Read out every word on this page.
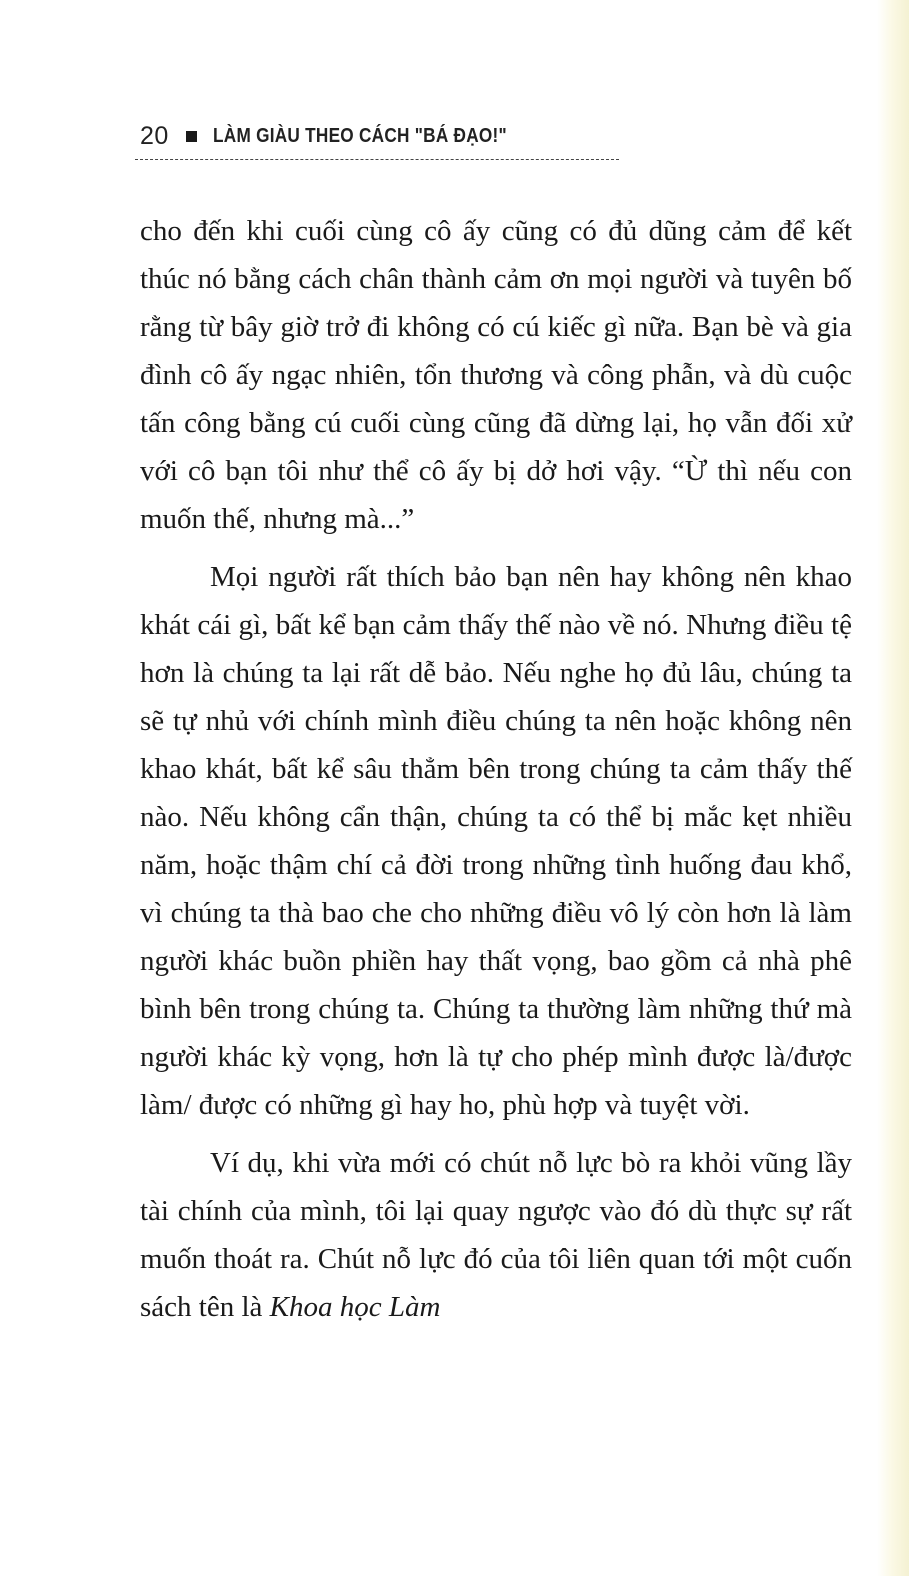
20 LÀM GIÀU THEO CÁCH "BÁ ĐẠO!"

cho đến khi cuối cùng cô ấy cũng có đủ dũng cảm để kết thúc nó bằng cách chân thành cảm ơn mọi người và tuyên bố rằng từ bây giờ trở đi không có cú kiếc gì nữa. Bạn bè và gia đình cô ấy ngạc nhiên, tổn thương và công phẫn, và dù cuộc tấn công bằng cú cuối cùng cũng đã dừng lại, họ vẫn đối xử với cô bạn tôi như thể cô ấy bị dở hơi vậy. “Ừ thì nếu con muốn thế, nhưng mà...”

Mọi người rất thích bảo bạn nên hay không nên khao khát cái gì, bất kể bạn cảm thấy thế nào về nó. Nhưng điều tệ hơn là chúng ta lại rất dễ bảo. Nếu nghe họ đủ lâu, chúng ta sẽ tự nhủ với chính mình điều chúng ta nên hoặc không nên khao khát, bất kể sâu thẳm bên trong chúng ta cảm thấy thế nào. Nếu không cẩn thận, chúng ta có thể bị mắc kẹt nhiều năm, hoặc thậm chí cả đời trong những tình huống đau khổ, vì chúng ta thà bao che cho những điều vô lý còn hơn là làm người khác buồn phiền hay thất vọng, bao gồm cả nhà phê bình bên trong chúng ta. Chúng ta thường làm những thứ mà người khác kỳ vọng, hơn là tự cho phép mình được là/được làm/ được có những gì hay ho, phù hợp và tuyệt vời.

Ví dụ, khi vừa mới có chút nỗ lực bò ra khỏi vũng lầy tài chính của mình, tôi lại quay ngược vào đó dù thực sự rất muốn thoát ra. Chút nỗ lực đó của tôi liên quan tới một cuốn sách tên là Khoa học Làm
